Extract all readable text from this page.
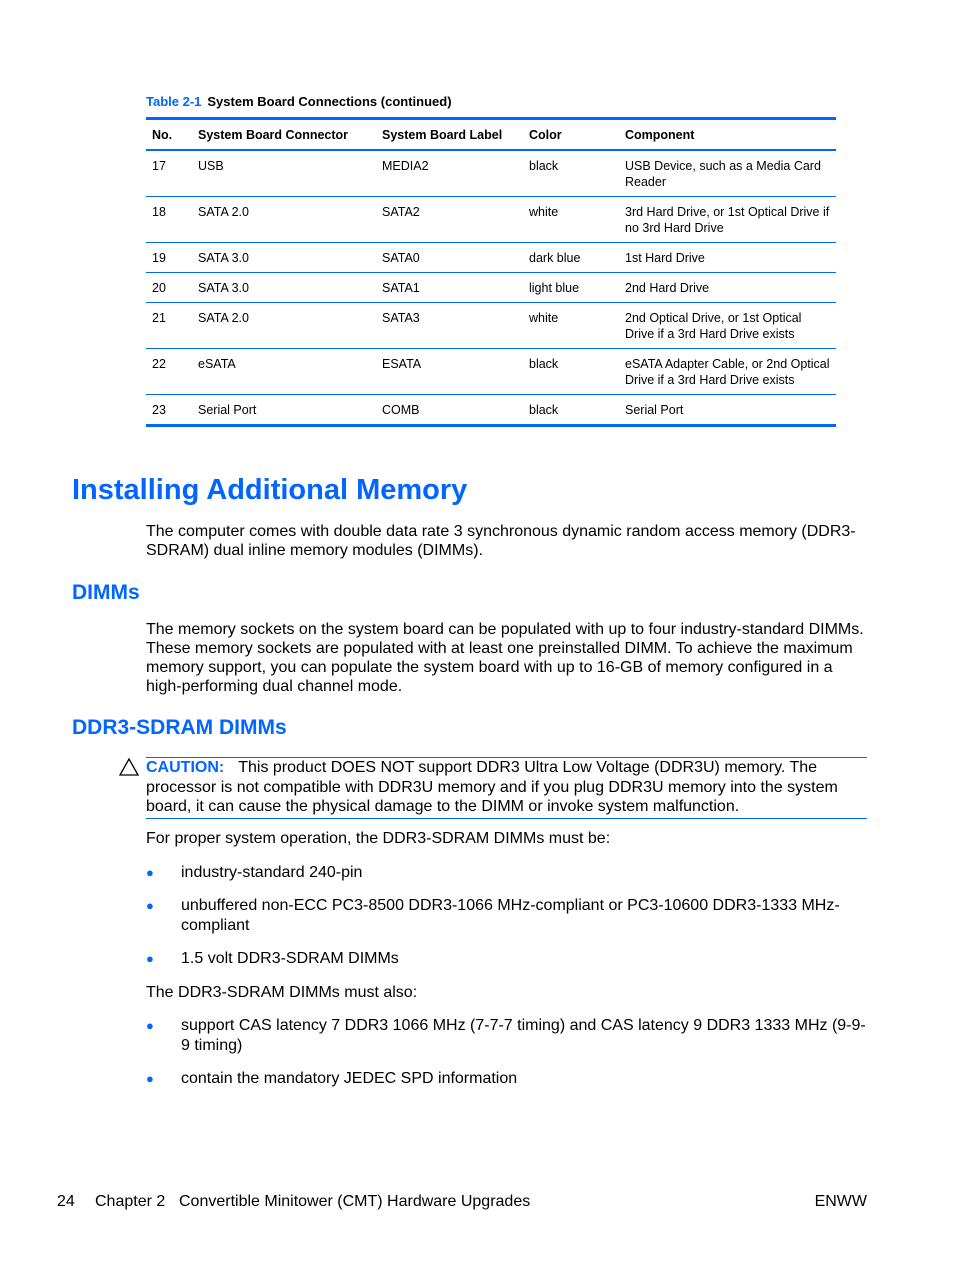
Table 2-1 System Board Connections (continued)
No.	System Board Connector	System Board Label	Color	Component
17	USB	MEDIA2	black	USB Device, such as a Media Card Reader
18	SATA 2.0	SATA2	white	3rd Hard Drive, or 1st Optical Drive if no 3rd Hard Drive
19	SATA 3.0	SATA0	dark blue	1st Hard Drive
20	SATA 3.0	SATA1	light blue	2nd Hard Drive
21	SATA 2.0	SATA3	white	2nd Optical Drive, or 1st Optical Drive if a 3rd Hard Drive exists
22	eSATA	ESATA	black	eSATA Adapter Cable, or 2nd Optical Drive if a 3rd Hard Drive exists
23	Serial Port	COMB	black	Serial Port
Installing Additional Memory
The computer comes with double data rate 3 synchronous dynamic random access memory (DDR3-SDRAM) dual inline memory modules (DIMMs).
DIMMs
The memory sockets on the system board can be populated with up to four industry-standard DIMMs. These memory sockets are populated with at least one preinstalled DIMM. To achieve the maximum memory support, you can populate the system board with up to 16-GB of memory configured in a high-performing dual channel mode.
DDR3-SDRAM DIMMs
CAUTION: This product DOES NOT support DDR3 Ultra Low Voltage (DDR3U) memory. The processor is not compatible with DDR3U memory and if you plug DDR3U memory into the system board, it can cause the physical damage to the DIMM or invoke system malfunction.
For proper system operation, the DDR3-SDRAM DIMMs must be:
● industry-standard 240-pin
● unbuffered non-ECC PC3-8500 DDR3-1066 MHz-compliant or PC3-10600 DDR3-1333 MHz-compliant
● 1.5 volt DDR3-SDRAM DIMMs
The DDR3-SDRAM DIMMs must also:
● support CAS latency 7 DDR3 1066 MHz (7-7-7 timing) and CAS latency 9 DDR3 1333 MHz (9-9-9 timing)
● contain the mandatory JEDEC SPD information
24 Chapter 2 Convertible Minitower (CMT) Hardware Upgrades	ENWW
